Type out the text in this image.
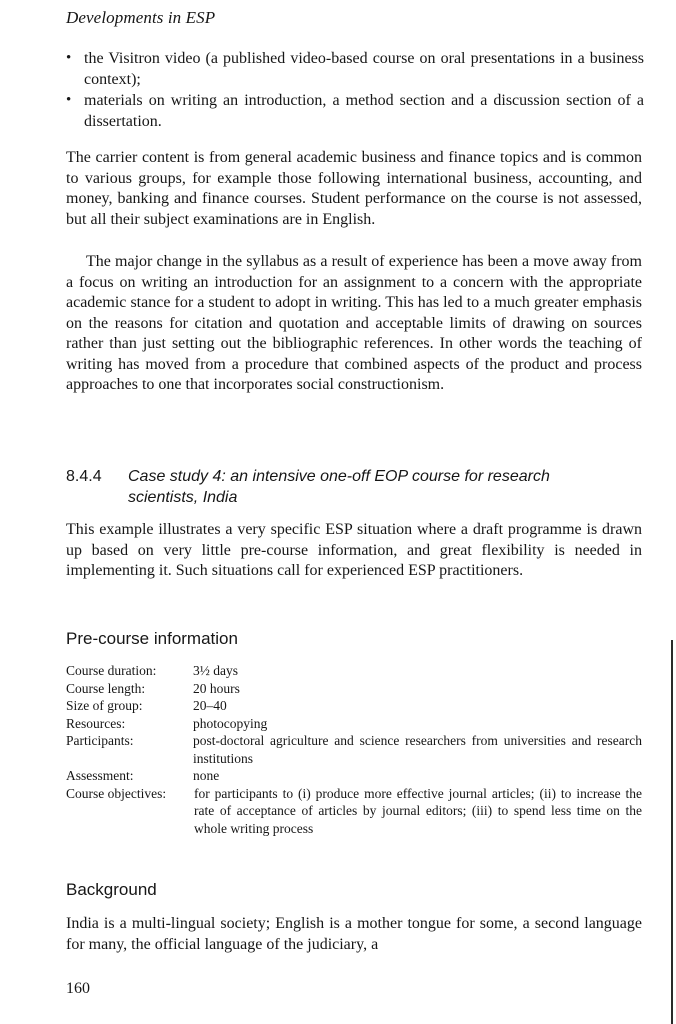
Developments in ESP
• the Visitron video (a published video-based course on oral presentations in a business context);
• materials on writing an introduction, a method section and a discussion section of a dissertation.

The carrier content is from general academic business and finance topics and is common to various groups, for example those following international business, accounting, and money, banking and finance courses. Student performance on the course is not assessed, but all their subject examinations are in English.

The major change in the syllabus as a result of experience has been a move away from a focus on writing an introduction for an assignment to a concern with the appropriate academic stance for a student to adopt in writing. This has led to a much greater emphasis on the reasons for citation and quotation and acceptable limits of drawing on sources rather than just setting out the bibliographic references. In other words the teaching of writing has moved from a procedure that combined aspects of the product and process approaches to one that incorporates social constructionism.

8.4.4 Case study 4: an intensive one-off EOP course for research
scientists, India

This example illustrates a very specific ESP situation where a draft programme is drawn up based on very little pre-course information, and great flexibility is needed in implementing it. Such situations call for experienced ESP practitioners.

Pre-course information
Course duration:	3½ days
Course length:	20 hours
Size of group:	20–40
Resources:	photocopying
Participants:	post-doctoral agriculture and science researchers from universities and research institutions
Assessment:	none
Course objectives:	for participants to (i) produce more effective journal articles; (ii) to increase the rate of acceptance of articles by journal editors; (iii) to spend less time on the whole writing process
Background

India is a multi-lingual society; English is a mother tongue for some, a second language for many, the official language of the judiciary, a

160
